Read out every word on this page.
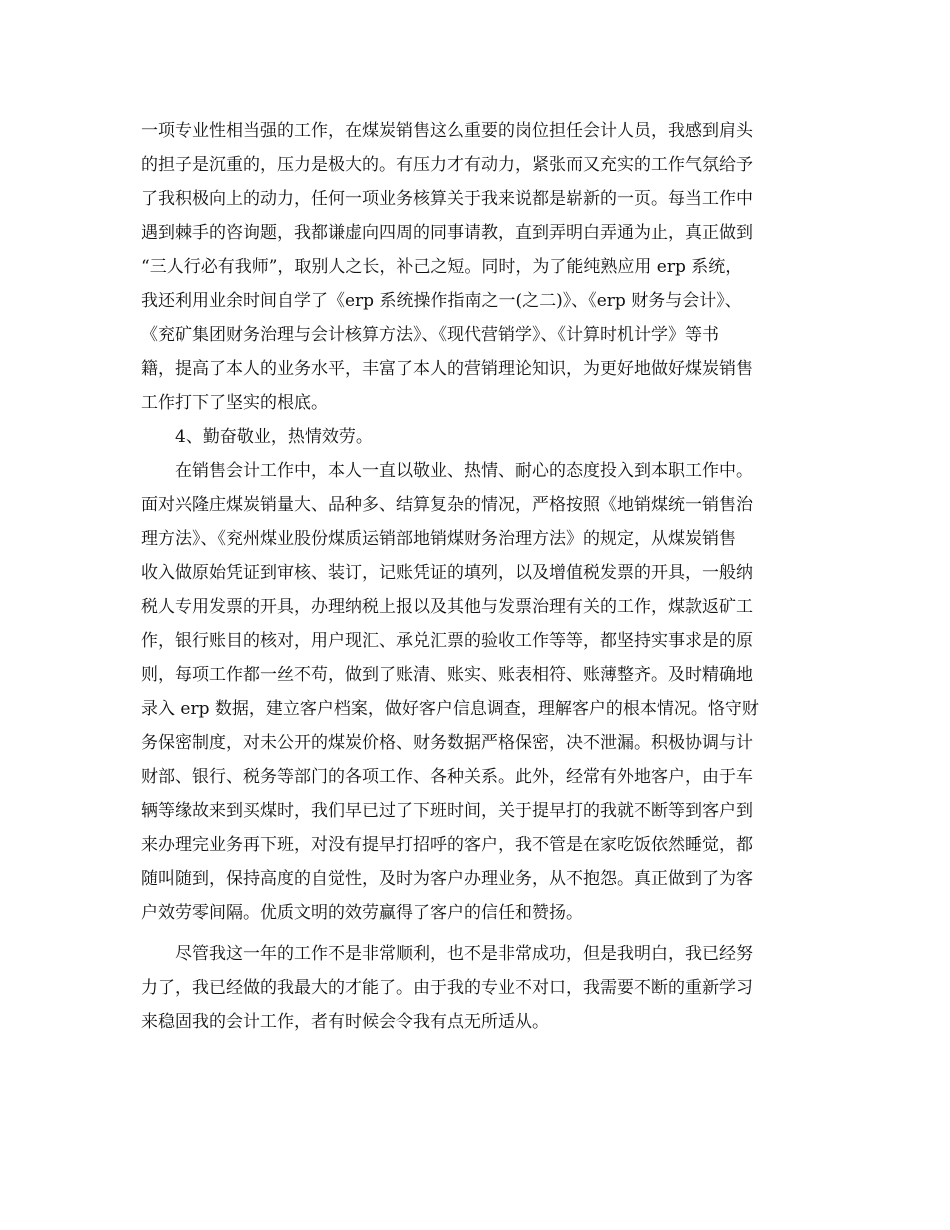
一项专业性相当强的工作，在煤炭销售这么重要的岗位担任会计人员，我感到肩头
的担子是沉重的，压力是极大的。有压力才有动力，紧张而又充实的工作气氛给予
了我积极向上的动力，任何一项业务核算关于我来说都是崭新的一页。每当工作中
遇到棘手的咨询题，我都谦虚向四周的同事请教，直到弄明白弄通为止，真正做到
“三人行必有我师”，取别人之长，补己之短。同时，为了能纯熟应用 erp 系统，
我还利用业余时间自学了《erp 系统操作指南之一(之二)》、《erp 财务与会计》、
《兖矿集团财务治理与会计核算方法》、《现代营销学》、《计算时机计学》等书
籍，提高了本人的业务水平，丰富了本人的营销理论知识，为更好地做好煤炭销售
工作打下了坚实的根底。
　　4、勤奋敬业，热情效劳。
　　在销售会计工作中，本人一直以敬业、热情、耐心的态度投入到本职工作中。
面对兴隆庄煤炭销量大、品种多、结算复杂的情况，严格按照《地销煤统一销售治
理方法》、《兖州煤业股份煤质运销部地销煤财务治理方法》的规定，从煤炭销售
收入做原始凭证到审核、装订，记账凭证的填列，以及增值税发票的开具，一般纳
税人专用发票的开具，办理纳税上报以及其他与发票治理有关的工作，煤款返矿工
作，银行账目的核对，用户现汇、承兑汇票的验收工作等等，都坚持实事求是的原
则，每项工作都一丝不苟，做到了账清、账实、账表相符、账薄整齐。及时精确地
录入 erp 数据，建立客户档案，做好客户信息调查，理解客户的根本情况。恪守财
务保密制度，对未公开的煤炭价格、财务数据严格保密，决不泄漏。积极协调与计
财部、银行、税务等部门的各项工作、各种关系。此外，经常有外地客户，由于车
辆等缘故来到买煤时，我们早已过了下班时间，关于提早打的我就不断等到客户到
来办理完业务再下班，对没有提早打招呼的客户，我不管是在家吃饭依然睡觉，都
随叫随到，保持高度的自觉性，及时为客户办理业务，从不抱怨。真正做到了为客
户效劳零间隔。优质文明的效劳赢得了客户的信任和赞扬。
　　尽管我这一年的工作不是非常顺利，也不是非常成功，但是我明白，我已经努
力了，我已经做的我最大的才能了。由于我的专业不对口，我需要不断的重新学习
来稳固我的会计工作，者有时候会令我有点无所适从。
